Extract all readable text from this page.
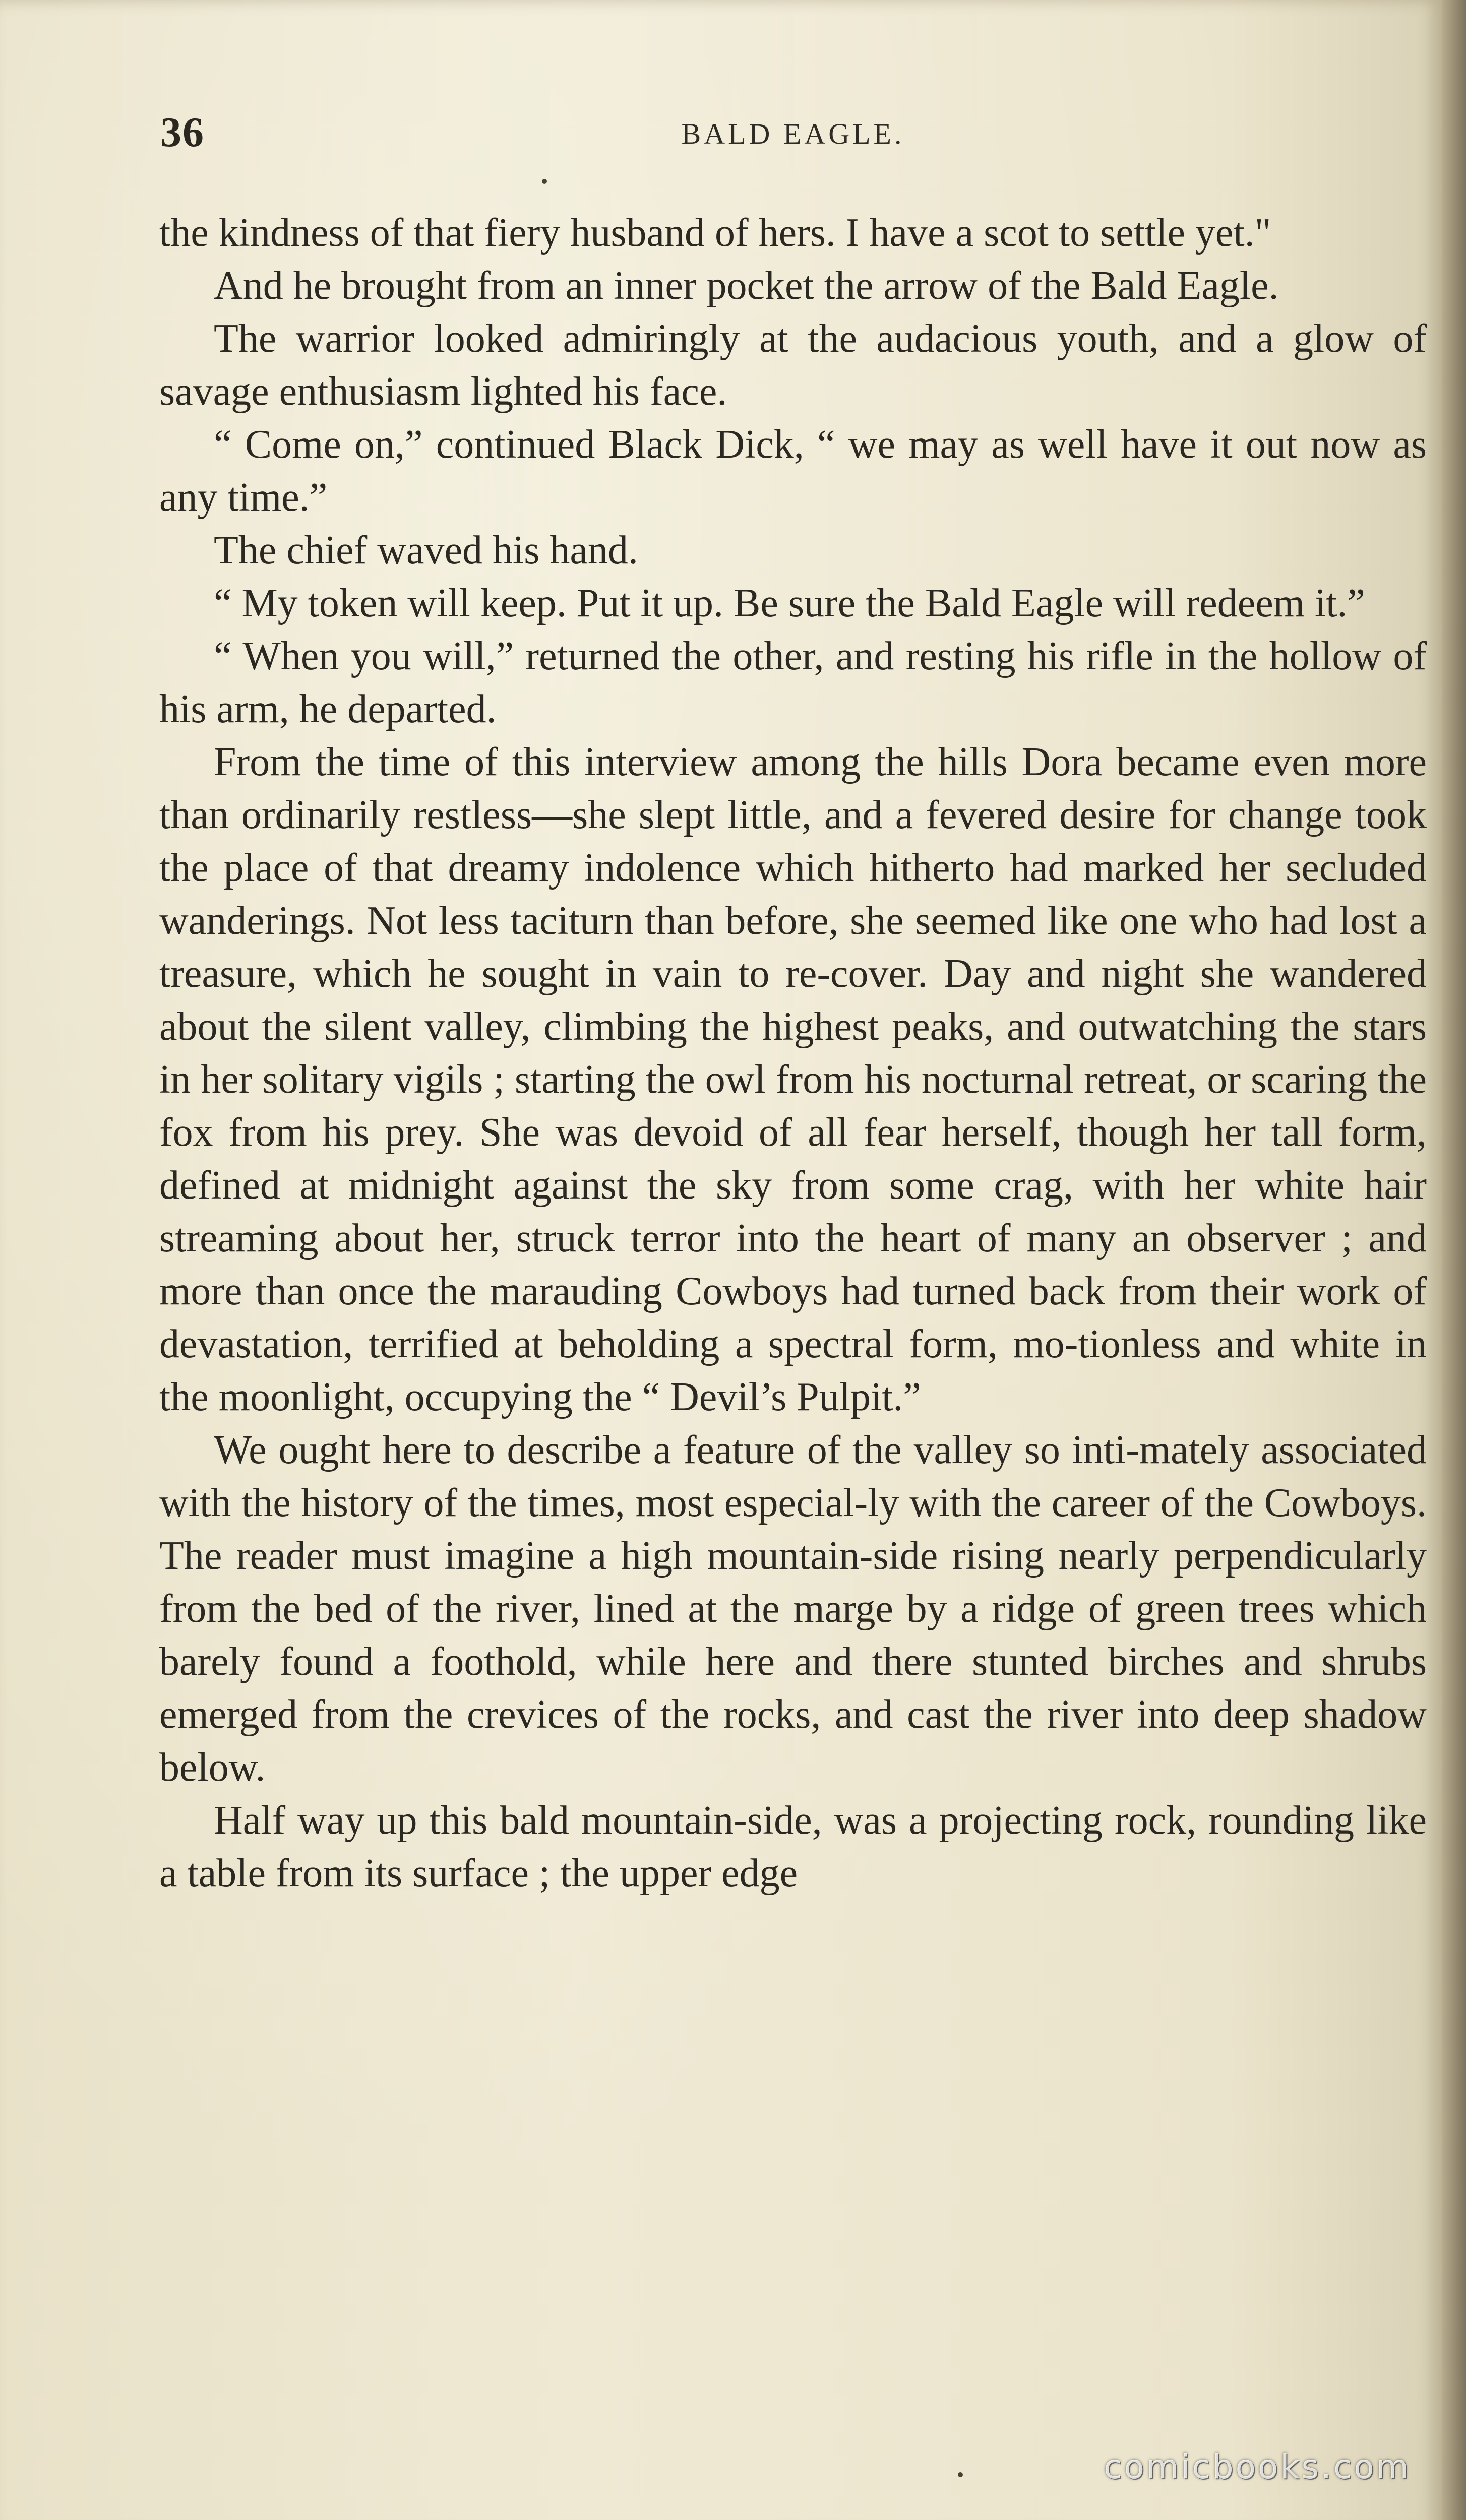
36	BALD EAGLE.

the kindness of that fiery husband of hers. I have a scot to settle yet."

And he brought from an inner pocket the arrow of the Bald Eagle.

The warrior looked admiringly at the audacious youth, and a glow of savage enthusiasm lighted his face.

“ Come on,” continued Black Dick, “ we may as well have it out now as any time.”

The chief waved his hand.

“ My token will keep. Put it up. Be sure the Bald Eagle will redeem it.”

“ When you will,” returned the other, and resting his rifle in the hollow of his arm, he departed.

From the time of this interview among the hills Dora became even more than ordinarily restless—she slept little, and a fevered desire for change took the place of that dreamy indolence which hitherto had marked her secluded wanderings. Not less taciturn than before, she seemed like one who had lost a treasure, which he sought in vain to re-cover. Day and night she wandered about the silent valley, climbing the highest peaks, and outwatching the stars in her solitary vigils ; starting the owl from his nocturnal retreat, or scaring the fox from his prey. She was devoid of all fear herself, though her tall form, defined at midnight against the sky from some crag, with her white hair streaming about her, struck terror into the heart of many an observer ; and more than once the marauding Cowboys had turned back from their work of devastation, terrified at beholding a spectral form, mo-tionless and white in the moonlight, occupying the “ Devil’s Pulpit.”

We ought here to describe a feature of the valley so inti-mately associated with the history of the times, most especial-ly with the career of the Cowboys. The reader must imagine a high mountain-side rising nearly perpendicularly from the bed of the river, lined at the marge by a ridge of green trees which barely found a foothold, while here and there stunted birches and shrubs emerged from the crevices of the rocks, and cast the river into deep shadow below.

Half way up this bald mountain-side, was a projecting rock, rounding like a table from its surface ; the upper edge

comicbooks.com
